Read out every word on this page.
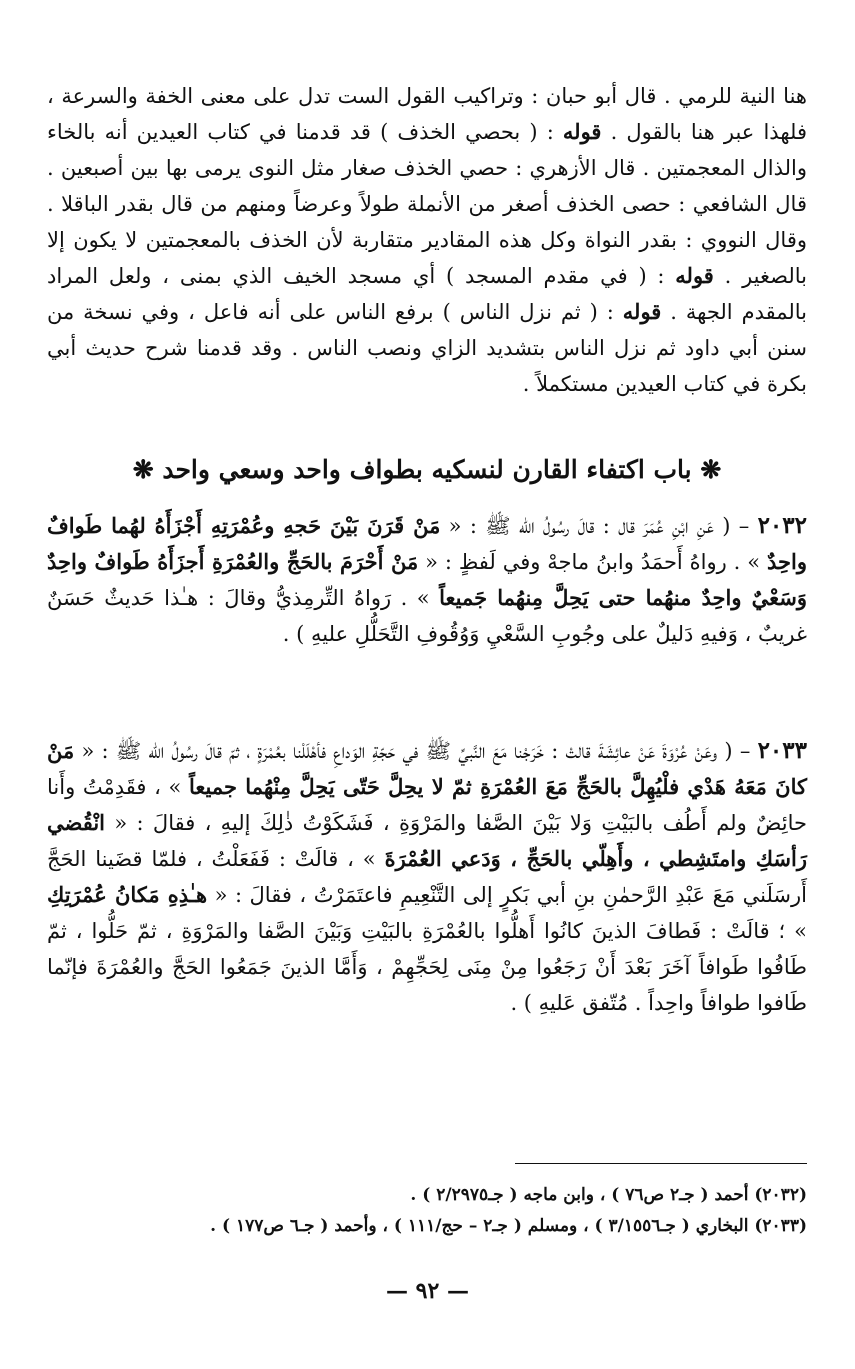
هنا النية للرمي . قال أبو حبان : وتراكيب القول الست تدل على معنى الخفة والسرعة ، فلهذا عبر هنا بالقول . قوله : ( بحصي الخذف ) قد قدمنا في كتاب العيدين أنه بالخاء والذال المعجمتين . قال الأزهري : حصي الخذف صغار مثل النوى يرمى بها بين أصبعين . قال الشافعي : حصى الخذف أصغر من الأنملة طولاً وعرضاً ومنهم من قال بقدر الباقلا . وقال النووي : بقدر النواة وكل هذه المقادير متقاربة لأن الخذف بالمعجمتين لا يكون إلا بالصغير . قوله : ( في مقدم المسجد ) أي مسجد الخيف الذي بمنى ، ولعل المراد بالمقدم الجهة . قوله : ( ثم نزل الناس ) برفع الناس على أنه فاعل ، وفي نسخة من سنن أبي داود ثم نزل الناس بتشديد الزاي ونصب الناس . وقد قدمنا شرح حديث أبي بكرة في كتاب العيدين مستكملاً .
❋ باب اكتفاء القارن لنسكيه بطواف واحد وسعي واحد ❋
٢٠٣٢ – ( عَنِ ابْنِ عُمَرَ قال : قالَ رسُولُ الله ﷺ : « مَنْ قَرَنَ بَيْنَ حَجهِ وعُمْرَتِهِ أَجْزَأَهُ لهُما طَوافٌ واحِدٌ » . رواهُ أَحمَدُ وابنُ ماجهْ وفي لَفظٍ : « مَنْ أَحْرَمَ بالحَجِّ والعُمْرَةِ أَجزَأَهُ طَوافٌ واحِدٌ وَسَعْيٌ واحِدٌ منهُما حتى يَحِلَّ مِنهُما جَميعاً » . رَواهُ التِّرمِذيُّ وقالَ : هـٰذا حَديثٌ حَسَنٌ غريبٌ ، وَفيهِ دَليلٌ على وجُوبِ السَّعْيِ وَوُقُوفِ التَّحَلُّلِ عليهِ ) .
٢٠٣٣ – ( وعَنْ عُرْوَةَ عَنْ عائِشَةَ قالتْ : خَرَجْنا مَعَ النَّبيِّ ﷺ في حَجّةِ الوَداعِ فأهْلَلْنا بعُمْرَةٍ ، ثمّ قالَ رسُولُ الله ﷺ : « مَنْ كانَ مَعَهُ هَدْي فلْيُهِلَّ بالحَجِّ مَعَ العُمْرَةِ ثمّ لا يحِلَّ حَتّى يَحِلَّ مِنْهُما جميعاً » ، فقَدِمْتُ وأَنا حائِضٌ ولم أَطُف بالبَيْتِ وَلا بَيْنَ الصَّفا والمَرْوَةِ ، فَشَكَوْتُ ذٰلِكَ إليهِ ، فقالَ : « انْقُضي رَأسَكِ وامتَشِطي ، وأَهِلّي بالحَجِّ ، وَدَعي العُمْرَةَ » ، قالَتْ : فَفَعَلْتُ ، فلمّا قضَينا الحَجَّ أَرسَلَني مَعَ عَبْدِ الرَّحمٰنِ بنِ أبي بَكرٍ إلى التَّنْعِيمِ فاعتَمَرْتُ ، فقالَ : « هـٰذِهِ مَكانُ عُمْرَتِكِ » ؛ قالَتْ : فَطافَ الذينَ كانُوا أَهلُّوا بالعُمْرَةِ بالبَيْتِ وَبَيْنَ الصَّفا والمَرْوَةِ ، ثمّ حَلُّوا ، ثمّ طَافُوا طَوافاً آخَرَ بَعْدَ أَنْ رَجَعُوا مِنْ مِنَى لِحَجِّهِمْ ، وَأَمَّا الذينَ جَمَعُوا الحَجَّ والعُمْرَةَ فإنّما طَافوا طوافاً واحِداً . مُتّفق عَليهِ ) .
(٢٠٣٢) أحمد ( جـ٢ ص٧٦ ) ، وابن ماجه ( جـ٢/٢٩٧٥ ) .
(٢٠٣٣) البخاري ( جـ٣/١٥٥٦ ) ، ومسلم ( جـ٢ – حج/١١١ ) ، وأحمد ( جـ٦ ص١٧٧ ) .
— ٩٢ —
